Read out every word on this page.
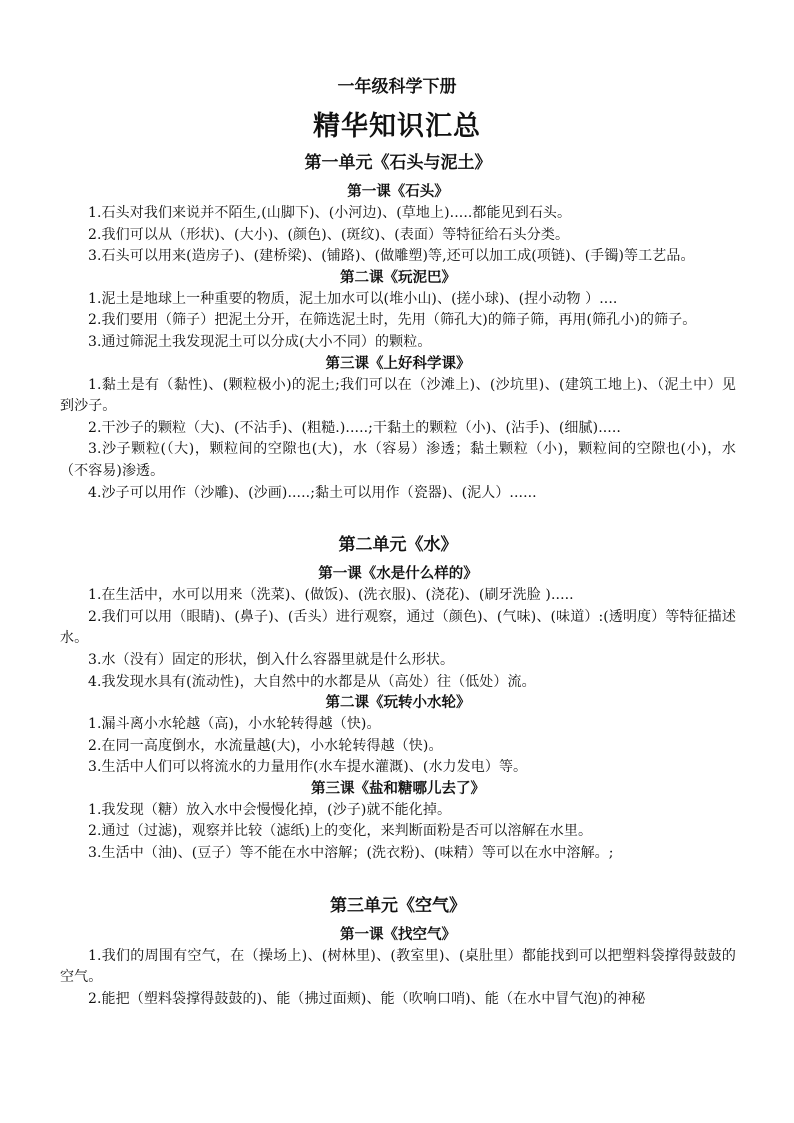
一年级科学下册
精华知识汇总
第一单元《石头与泥土》
第一课《石头》

1.石头对我们来说并不陌生,(山脚下)、(小河边)、(草地上).....都能见到石头。

2.我们可以从（形状)、(大小)、(颜色)、(斑纹)、(表面）等特征给石头分类。

3.石头可以用来(造房子)、(建桥梁)、(铺路)、(做雕塑)等,还可以加工成(项链)、(手镯)等工艺品。

第二课《玩泥巴》

1.泥土是地球上一种重要的物质，泥土加水可以(堆小山)、(搓小球)、(捏小动物 ）....

2.我们要用（筛子）把泥土分开，在筛选泥土时，先用（筛孔大)的筛子筛，再用(筛孔小)的筛子。

3.通过筛泥土我发现泥土可以分成(大小不同）的颗粒。

第三课《上好科学课》

1.黏土是有（黏性)、(颗粒极小)的泥土;我们可以在（沙滩上)、(沙坑里)、(建筑工地上)、（泥土中）见到沙子。

2.干沙子的颗粒（大)、(不沾手)、(粗糙.).....;干黏土的颗粒（小)、(沾手)、(细腻).....

3.沙子颗粒(（大)，颗粒间的空隙也(大)，水（容易）渗透；黏土颗粒（小)，颗粒间的空隙也(小)，水（不容易)渗透。

4.沙子可以用作（沙雕)、(沙画).....;黏土可以用作（瓷器)、(泥人）......

第二单元《水》
第一课《水是什么样的》

1.在生活中，水可以用来（洗菜)、(做饭)、(洗衣服)、(浇花)、(刷牙洗脸 ).....

2.我们可以用（眼睛)、(鼻子)、(舌头）进行观察，通过（颜色)、(气味)、(味道）:(透明度）等特征描述水。

3.水（没有）固定的形状，倒入什么容器里就是什么形状。

4.我发现水具有(流动性)，大自然中的水都是从（高处）往（低处）流。

第二课《玩转小水轮》

1.漏斗离小水轮越（高)，小水轮转得越（快)。

2.在同一高度倒水，水流量越(大)，小水轮转得越（快)。

3.生活中人们可以将流水的力量用作(水车提水灌溉)、(水力发电）等。

第三课《盐和糖哪儿去了》

1.我发现（糖）放入水中会慢慢化掉，(沙子)就不能化掉。

2.通过（过滤)，观察并比较（滤纸)上的变化，来判断面粉是否可以溶解在水里。

3.生活中（油)、(豆子）等不能在水中溶解；(洗衣粉)、(味精）等可以在水中溶解。;

第三单元《空气》
第一课《找空气》

1.我们的周围有空气，在（操场上)、(树林里)、(教室里)、(桌肚里）都能找到可以把塑料袋撑得鼓鼓的空气。

2.能把（塑料袋撑得鼓鼓的)、能（拂过面颊)、能（吹响口哨)、能（在水中冒气泡)的神秘
